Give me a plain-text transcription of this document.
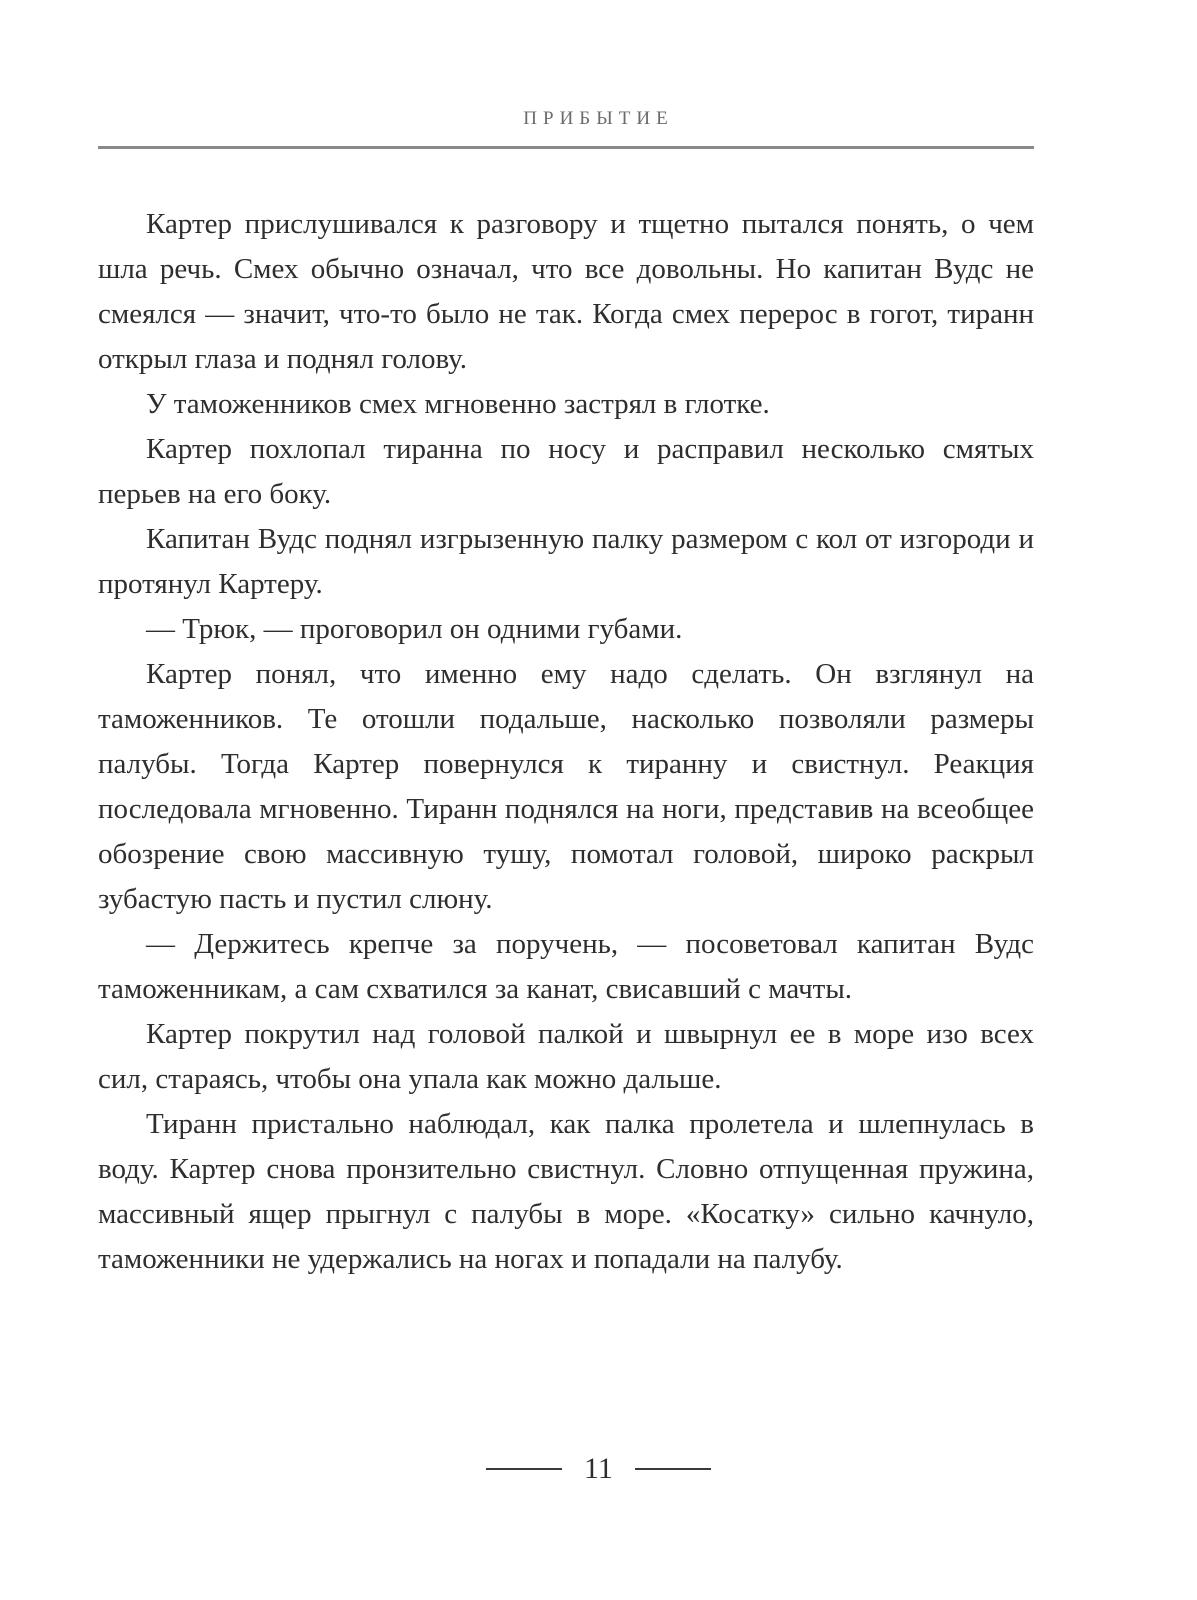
ПРИБЫТИЕ

Картер прислушивался к разговору и тщетно пытался понять, о чем шла речь. Смех обычно означал, что все довольны. Но капитан Вудс не смеялся — значит, что-то было не так. Когда смех перерос в гогот, тиранн открыл глаза и поднял голову.

У таможенников смех мгновенно застрял в глотке.

Картер похлопал тиранна по носу и расправил несколько смятых перьев на его боку.

Капитан Вудс поднял изгрызенную палку размером с кол от изгороди и протянул Картеру.

— Трюк, — проговорил он одними губами.

Картер понял, что именно ему надо сделать. Он взглянул на таможенников. Те отошли подальше, насколько позволяли размеры палубы. Тогда Картер повернулся к тиранну и свистнул. Реакция последовала мгновенно. Тиранн поднялся на ноги, представив на всеобщее обозрение свою массивную тушу, помотал головой, широко раскрыл зубастую пасть и пустил слюну.

— Держитесь крепче за поручень, — посоветовал капитан Вудс таможенникам, а сам схватился за канат, свисавший с мачты.

Картер покрутил над головой палкой и швырнул ее в море изо всех сил, стараясь, чтобы она упала как можно дальше.

Тиранн пристально наблюдал, как палка пролетела и шлепнулась в воду. Картер снова пронзительно свистнул. Словно отпущенная пружина, массивный ящер прыгнул с палубы в море. «Косатку» сильно качнуло, таможенники не удержались на ногах и попадали на палубу.

11
